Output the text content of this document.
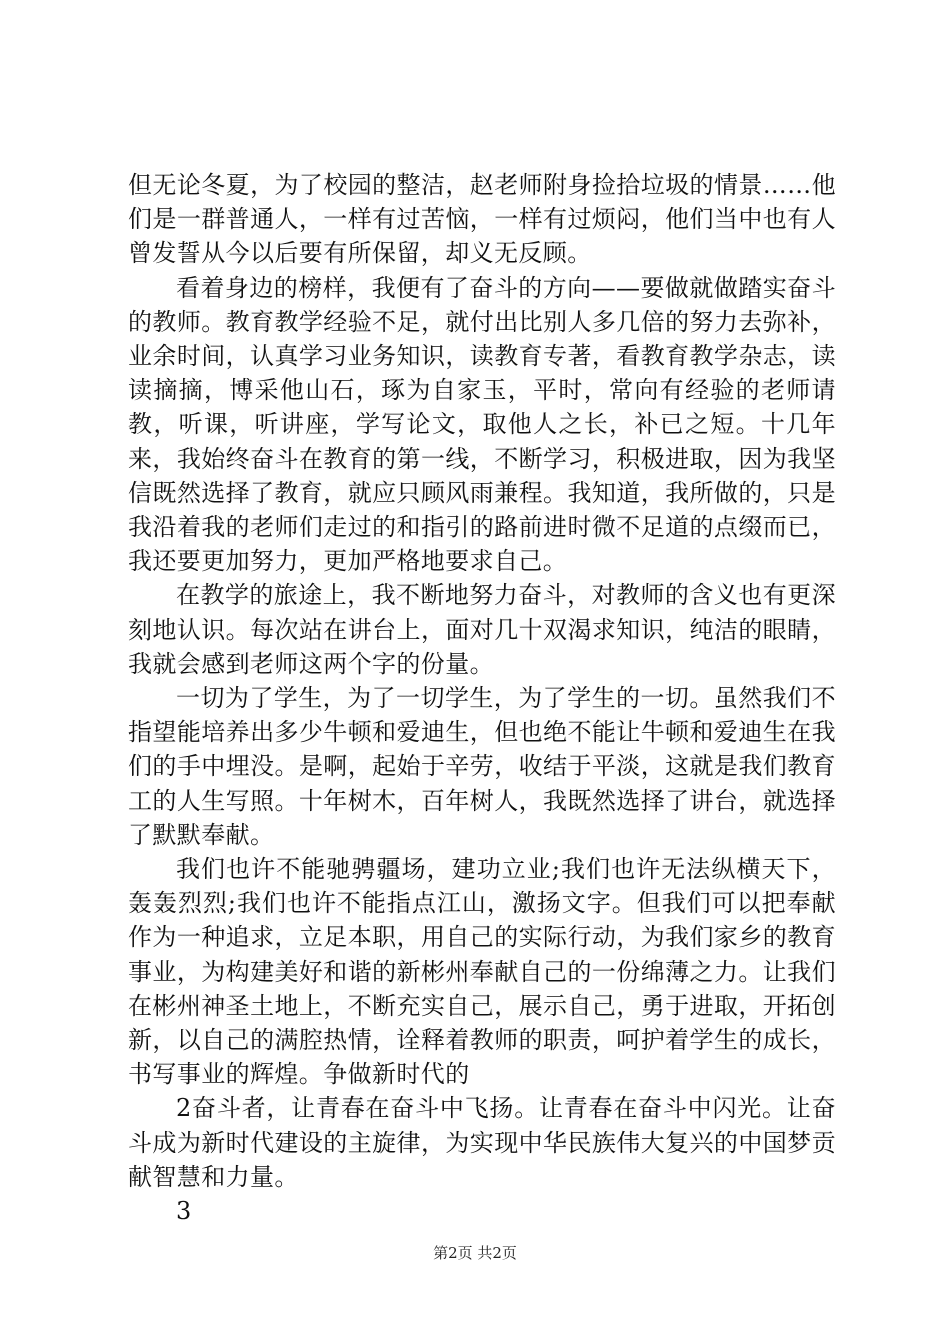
但无论冬夏，为了校园的整洁，赵老师附身捡拾垃圾的情景……他们是一群普通人，一样有过苦恼，一样有过烦闷，他们当中也有人曾发誓从今以后要有所保留，却义无反顾。

看着身边的榜样，我便有了奋斗的方向——要做就做踏实奋斗的教师。教育教学经验不足，就付出比别人多几倍的努力去弥补，业余时间，认真学习业务知识，读教育专著，看教育教学杂志，读读摘摘，博采他山石，琢为自家玉，平时，常向有经验的老师请教，听课，听讲座，学写论文，取他人之长，补已之短。十几年来，我始终奋斗在教育的第一线，不断学习，积极进取，因为我坚信既然选择了教育，就应只顾风雨兼程。我知道，我所做的，只是我沿着我的老师们走过的和指引的路前进时微不足道的点缀而已，我还要更加努力，更加严格地要求自己。

在教学的旅途上，我不断地努力奋斗，对教师的含义也有更深刻地认识。每次站在讲台上，面对几十双渴求知识，纯洁的眼睛，我就会感到老师这两个字的份量。

一切为了学生，为了一切学生，为了学生的一切。虽然我们不指望能培养出多少牛顿和爱迪生，但也绝不能让牛顿和爱迪生在我们的手中埋没。是啊，起始于辛劳，收结于平淡，这就是我们教育工的人生写照。十年树木，百年树人，我既然选择了讲台，就选择了默默奉献。

我们也许不能驰骋疆场，建功立业;我们也许无法纵横天下，轰轰烈烈;我们也许不能指点江山，激扬文字。但我们可以把奉献作为一种追求，立足本职，用自己的实际行动，为我们家乡的教育事业，为构建美好和谐的新彬州奉献自己的一份绵薄之力。让我们在彬州神圣土地上，不断充实自己，展示自己，勇于进取，开拓创新，以自己的满腔热情，诠释着教师的职责，呵护着学生的成长，书写事业的辉煌。争做新时代的

2奋斗者，让青春在奋斗中飞扬。让青春在奋斗中闪光。让奋斗成为新时代建设的主旋律，为实现中华民族伟大复兴的中国梦贡献智慧和力量。

3

第2页 共2页
